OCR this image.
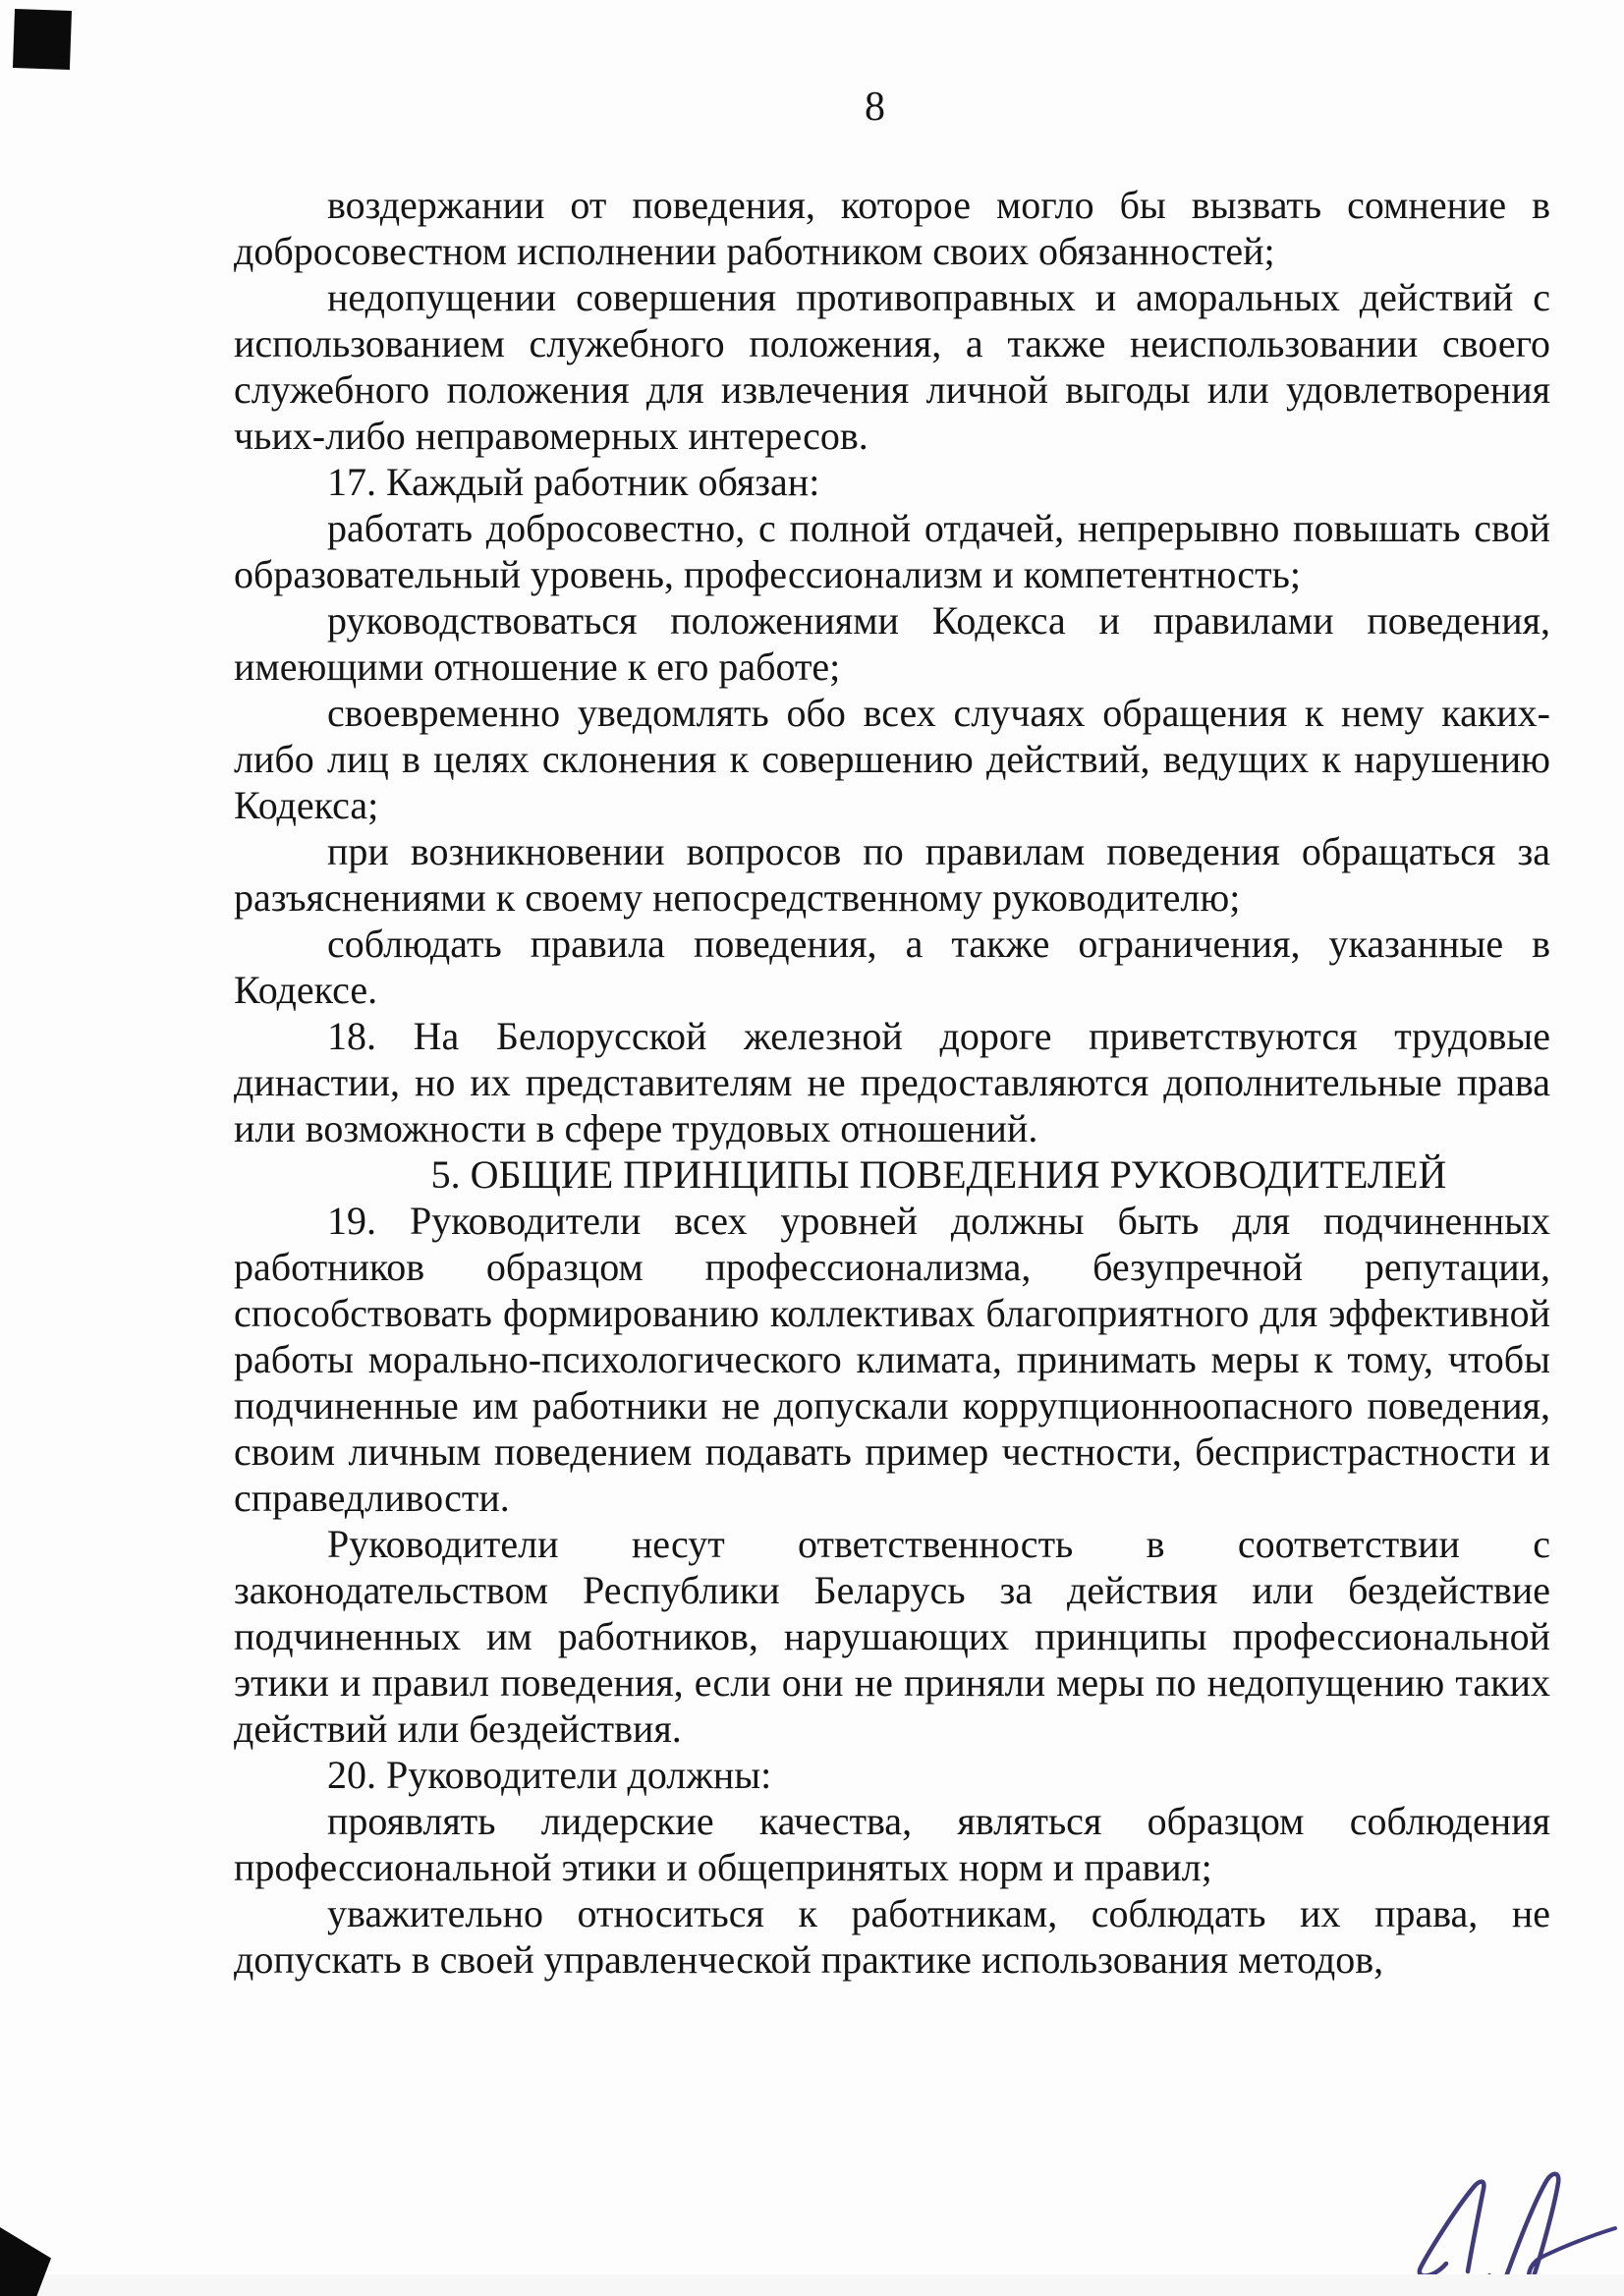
8

воздержании от поведения, которое могло бы вызвать сомнение в добросовестном исполнении работником своих обязанностей;

недопущении совершения противоправных и аморальных действий с использованием служебного положения, а также неиспользовании своего служебного положения для извлечения личной выгоды или удовлетворения чьих-либо неправомерных интересов.

17. Каждый работник обязан:

работать добросовестно, с полной отдачей, непрерывно повышать свой образовательный уровень, профессионализм и компетентность;

руководствоваться положениями Кодекса и правилами поведения, имеющими отношение к его работе;

своевременно уведомлять обо всех случаях обращения к нему каких-либо лиц в целях склонения к совершению действий, ведущих к нарушению Кодекса;

при возникновении вопросов по правилам поведения обращаться за разъяснениями к своему непосредственному руководителю;

соблюдать правила поведения, а также ограничения, указанные в Кодексе.

18. На Белорусской железной дороге приветствуются трудовые династии, но их представителям не предоставляются дополнительные права или возможности в сфере трудовых отношений.

5. ОБЩИЕ ПРИНЦИПЫ ПОВЕДЕНИЯ РУКОВОДИТЕЛЕЙ

19. Руководители всех уровней должны быть для подчиненных работников образцом профессионализма, безупречной репутации, способствовать формированию коллективах благоприятного для эффективной работы морально-психологического климата, принимать меры к тому, чтобы подчиненные им работники не допускали коррупционноопасного поведения, своим личным поведением подавать пример честности, беспристрастности и справедливости.

Руководители несут ответственность в соответствии с законодательством Республики Беларусь за действия или бездействие подчиненных им работников, нарушающих принципы профессиональной этики и правил поведения, если они не приняли меры по недопущению таких действий или бездействия.

20. Руководители должны:

проявлять лидерские качества, являться образцом соблюдения профессиональной этики и общепринятых норм и правил;

уважительно относиться к работникам, соблюдать их права, не допускать в своей управленческой практике использования методов,
